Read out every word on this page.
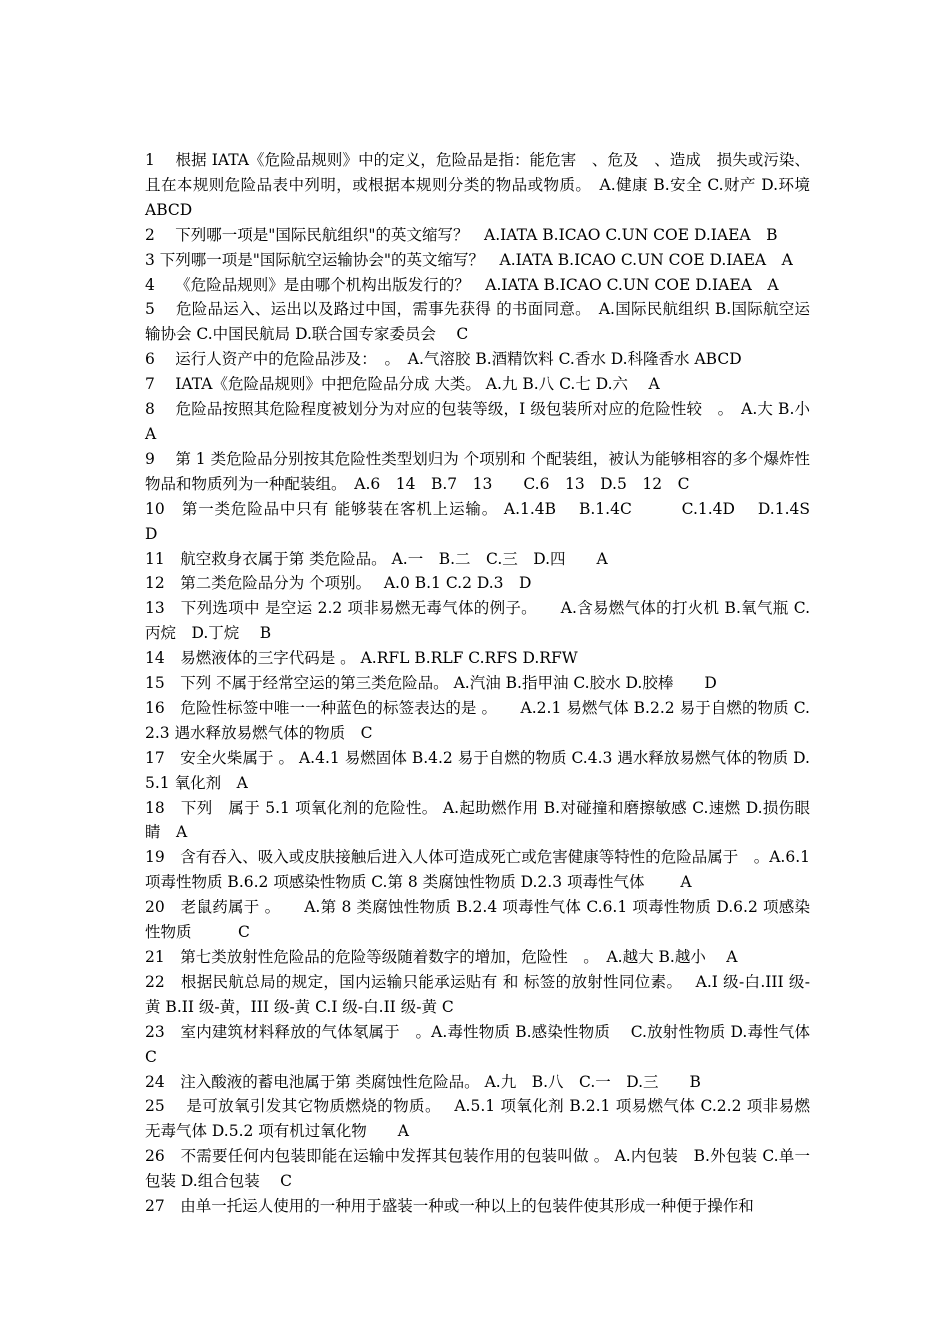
1　 根据 IATA《危险品规则》中的定义，危险品是指：能危害　、危及　、造成　损失或污染、且在本规则危险品表中列明，或根据本规则分类的物品或物质。　A.健康 B.安全 C.财产 D.环境　ABCD

2　 下列哪一项是"国际民航组织"的英文缩写？　A.IATA B.ICAO C.UN COE D.IAEA　B

3 下列哪一项是"国际航空运输协会"的英文缩写？　A.IATA B.ICAO C.UN COE D.IAEA　A

4　 《危险品规则》是由哪个机构出版发行的？　A.IATA B.ICAO C.UN COE D.IAEA　A

5　 危险品运入、运出以及路过中国，需事先获得 的书面同意。　A.国际民航组织 B.国际航空运输协会 C.中国民航局 D.联合国专家委员会　 C

6　 运行人资产中的危险品涉及：　。　A.气溶胶 B.酒精饮料 C.香水 D.科隆香水 ABCD

7　 IATA《危险品规则》中把危险品分成 大类。 A.九 B.八 C.七 D.六　 A

8　 危险品按照其危险程度被划分为对应的包装等级，I 级包装所对应的危险性较　。　A.大 B.小　A

9　 第 1 类危险品分别按其危险性类型划归为 个项别和 个配装组，被认为能够相容的多个爆炸性物品和物质列为一种配装组。　A.6　14　B.7　13　　C.6　13　D.5　12　C

10　第一类危险品中只有 能够装在客机上运输。 A.1.4B　 B.1.4C　　　C.1.4D　 D.1.4S　 D

11　航空救身衣属于第 类危险品。 A.一　B.二　C.三　D.四　　A

12　第二类危险品分为 个项别。　 A.0 B.1 C.2 D.3　D

13　下列选项中 是空运 2.2 项非易燃无毒气体的例子。　　A.含易燃气体的打火机 B.氧气瓶 C.丙烷　D.丁烷　 B

14　易燃液体的三字代码是 。 A.RFL B.RLF C.RFS D.RFW

15　下列 不属于经常空运的第三类危险品。 A.汽油 B.指甲油 C.胶水 D.胶棒　　D

16　危险性标签中唯一一种蓝色的标签表达的是 。　　A.2.1 易燃气体 B.2.2 易于自燃的物质 C.2.3 遇水释放易燃气体的物质　C

17　安全火柴属于 。 A.4.1 易燃固体 B.4.2 易于自燃的物质 C.4.3 遇水释放易燃气体的物质 D.5.1 氧化剂　A

18　下列　属于 5.1 项氧化剂的危险性。 A.起助燃作用 B.对碰撞和磨擦敏感 C.速燃 D.损伤眼睛　A

19　含有吞入、吸入或皮肤接触后进入人体可造成死亡或危害健康等特性的危险品属于　。A.6.1 项毒性物质 B.6.2 项感染性物质 C.第 8 类腐蚀性物质 D.2.3 项毒性气体　　 A

20　老鼠药属于 。　　A.第 8 类腐蚀性物质 B.2.4 项毒性气体 C.6.1 项毒性物质 D.6.2 项感染性物质　　　C

21　第七类放射性危险品的危险等级随着数字的增加，危险性　。　A.越大 B.越小　 A

22　根据民航总局的规定，国内运输只能承运贴有 和 标签的放射性同位素。　 A.I 级-白.III 级-黄 B.II 级-黄，III 级-黄 C.I 级-白.II 级-黄 C

23　室内建筑材料释放的气体氡属于　。A.毒性物质 B.感染性物质　 C.放射性物质 D.毒性气体　C

24　注入酸液的蓄电池属于第 类腐蚀性危险品。 A.九　B.八　C.一　D.三　　B

25　 是可放氧引发其它物质燃烧的物质。　 A.5.1 项氧化剂 B.2.1 项易燃气体 C.2.2 项非易燃无毒气体 D.5.2 项有机过氧化物　　A

26　不需要任何内包装即能在运输中发挥其包装作用的包装叫做 。 A.内包装　B.外包装 C.单一包装 D.组合包装　 C

27　由单一托运人使用的一种用于盛装一种或一种以上的包装件使其形成一种便于操作和
